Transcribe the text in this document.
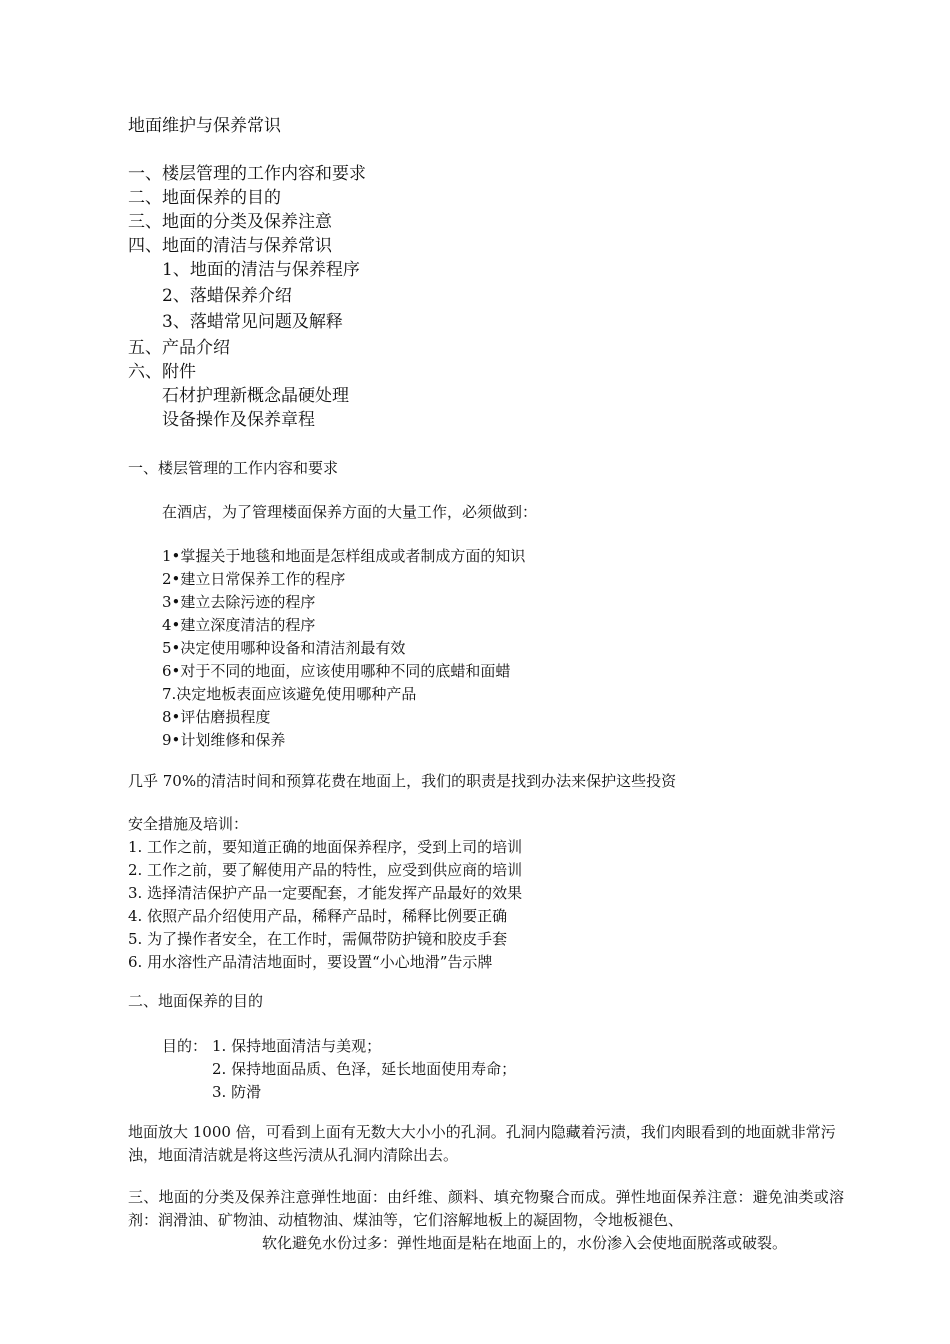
地面维护与保养常识
一、楼层管理的工作内容和要求
二、地面保养的目的
三、地面的分类及保养注意
四、地面的清洁与保养常识
1、地面的清洁与保养程序
2、落蜡保养介绍
3、落蜡常见问题及解释
五、产品介绍
六、附件
石材护理新概念晶硬处理
设备操作及保养章程
一、楼层管理的工作内容和要求
在酒店，为了管理楼面保养方面的大量工作，必须做到：
1•掌握关于地毯和地面是怎样组成或者制成方面的知识
2•建立日常保养工作的程序
3•建立去除污迹的程序
4•建立深度清洁的程序
5•决定使用哪种设备和清洁剂最有效
6•对于不同的地面，应该使用哪种不同的底蜡和面蜡
7.决定地板表面应该避免使用哪种产品
8•评估磨损程度
9•计划维修和保养
几乎 70%的清洁时间和预算花费在地面上，我们的职责是找到办法来保护这些投资
安全措施及培训：
1. 工作之前，要知道正确的地面保养程序，受到上司的培训
2. 工作之前，要了解使用产品的特性，应受到供应商的培训
3. 选择清洁保护产品一定要配套，才能发挥产品最好的效果
4. 依照产品介绍使用产品，稀释产品时，稀释比例要正确
5. 为了操作者安全，在工作时，需佩带防护镜和胶皮手套
6. 用水溶性产品清洁地面时，要设置“小心地滑”告示牌
二、地面保养的目的
目的： 1. 保持地面清洁与美观；
2. 保持地面品质、色泽，延长地面使用寿命；
3. 防滑
地面放大 1000 倍，可看到上面有无数大大小小的孔洞。孔洞内隐藏着污渍，我们肉眼看到的地面就非常污浊，地面清洁就是将这些污渍从孔洞内清除出去。
三、地面的分类及保养注意弹性地面：由纤维、颜料、填充物聚合而成。弹性地面保养注意：避免油类或溶剂：润滑油、矿物油、动植物油、煤油等，它们溶解地板上的凝固物，令地板褪色、
软化避免水份过多：弹性地面是粘在地面上的，水份渗入会使地面脱落或破裂。
